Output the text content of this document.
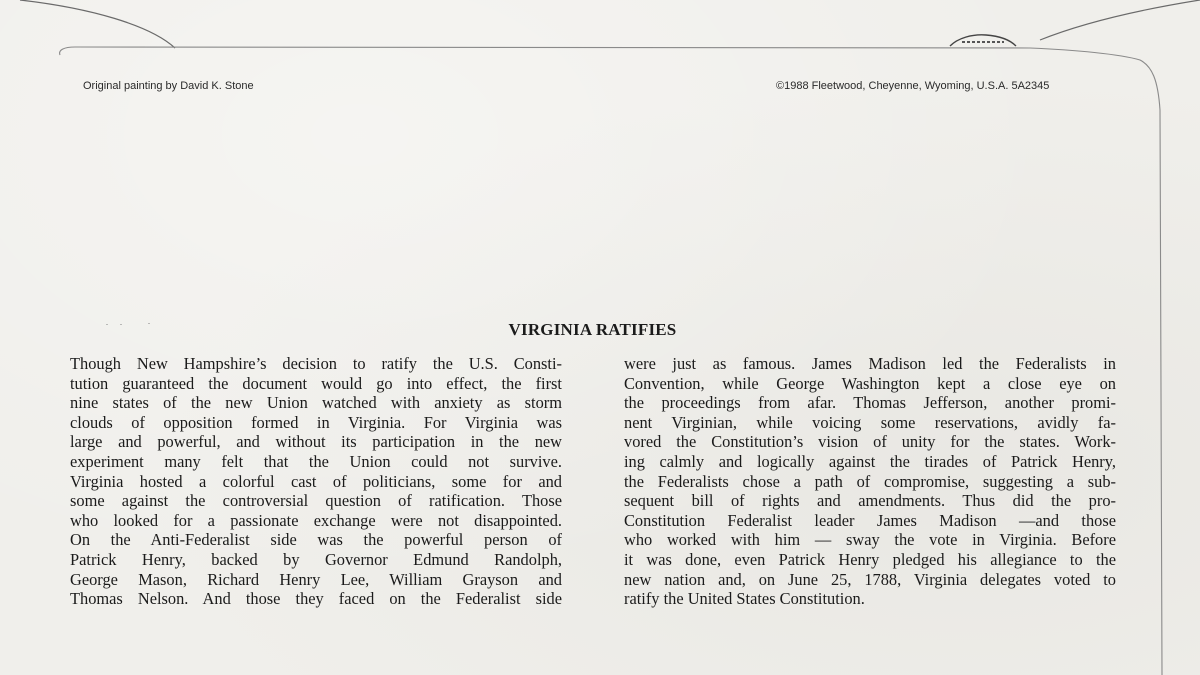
Original painting by David K. Stone	©1988 Fleetwood, Cheyenne, Wyoming, U.S.A. 5A2345
VIRGINIA RATIFIES
Though New Hampshire’s decision to ratify the U.S. Consti-
tution guaranteed the document would go into effect, the first
nine states of the new Union watched with anxiety as storm
clouds of opposition formed in Virginia. For Virginia was
large and powerful, and without its participation in the new
experiment many felt that the Union could not survive.
Virginia hosted a colorful cast of politicians, some for and
some against the controversial question of ratification. Those
who looked for a passionate exchange were not disappointed.
On the Anti-Federalist side was the powerful person of
Patrick Henry, backed by Governor Edmund Randolph,
George Mason, Richard Henry Lee, William Grayson and
Thomas Nelson. And those they faced on the Federalist side
were just as famous. James Madison led the Federalists in
Convention, while George Washington kept a close eye on
the proceedings from afar. Thomas Jefferson, another promi-
nent Virginian, while voicing some reservations, avidly fa-
vored the Constitution’s vision of unity for the states. Work-
ing calmly and logically against the tirades of Patrick Henry,
the Federalists chose a path of compromise, suggesting a sub-
sequent bill of rights and amendments. Thus did the pro-
Constitution Federalist leader James Madison —and those
who worked with him — sway the vote in Virginia. Before
it was done, even Patrick Henry pledged his allegiance to the
new nation and, on June 25, 1788, Virginia delegates voted to
ratify the United States Constitution.
